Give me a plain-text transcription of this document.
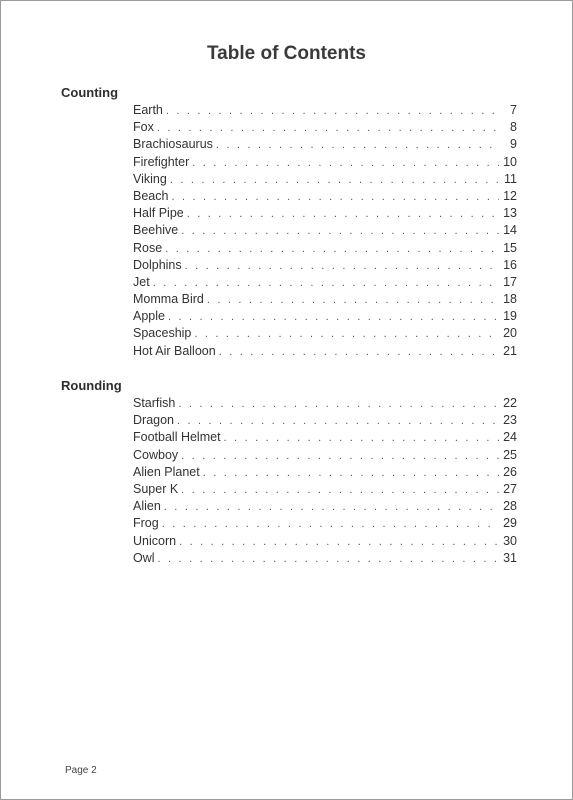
Table of Contents
Counting
Earth . . .	7
Fox . . .	8
Brachiosaurus . . .	9
Firefighter . . .	10
Viking . . .	11
Beach . . .	12
Half Pipe . . .	13
Beehive . . .	14
Rose . . .	15
Dolphins . . .	16
Jet . . .	17
Momma Bird . . .	18
Apple . . .	19
Spaceship . . .	20
Hot Air Balloon . . .	21
Rounding
Starfish . . .	22
Dragon . . .	23
Football Helmet . . .	24
Cowboy . . .	25
Alien Planet . . .	26
Super K . . .	27
Alien . . .	28
Frog . . .	29
Unicorn . . .	30
Owl . . .	31
Page 2
